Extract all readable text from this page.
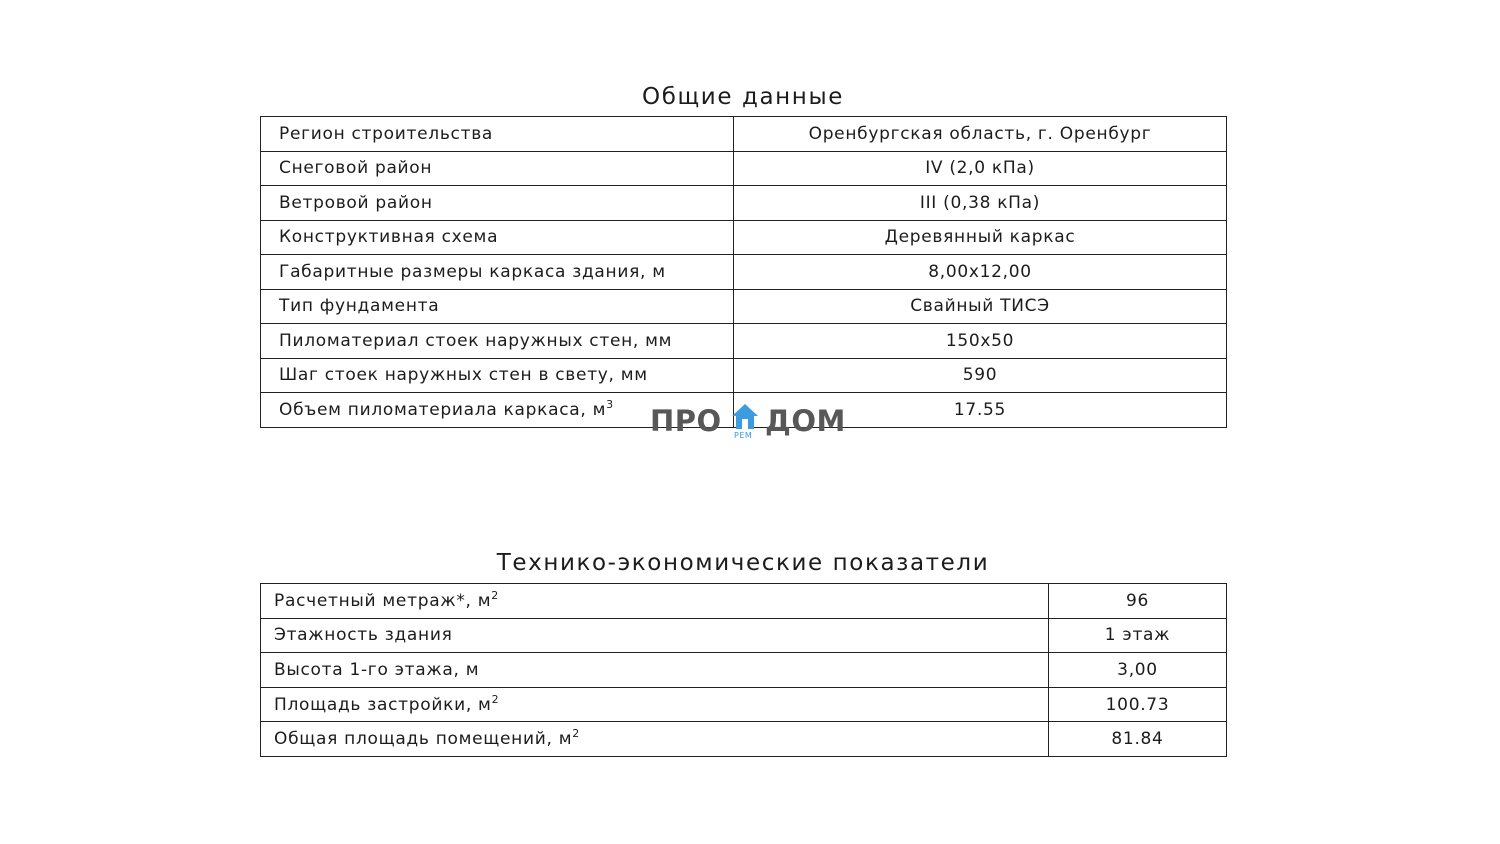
Общие данные
Регион строительства	Оренбургская область, г. Оренбург
Снеговой район	IV (2,0 кПа)
Ветровой район	III (0,38 кПа)
Конструктивная схема	Деревянный каркас
Габаритные размеры каркаса здания, м	8,00x12,00
Тип фундамента	Свайный ТИСЭ
Пиломатериал стоек наружных стен, мм	150x50
Шаг стоек наружных стен в свету, мм	590
Объем пиломатериала каркаса, $м^3$	17.55
Технико-экономические показатели
Расчетный метраж*, $м^2$	96
Этажность здания	1 этаж
Высота 1-го этажа, м	3,00
Площадь застройки, $м^2$	100.73
Общая площадь помещений, $м^2$	81.84
ПРО ДОМ
РЕМ
